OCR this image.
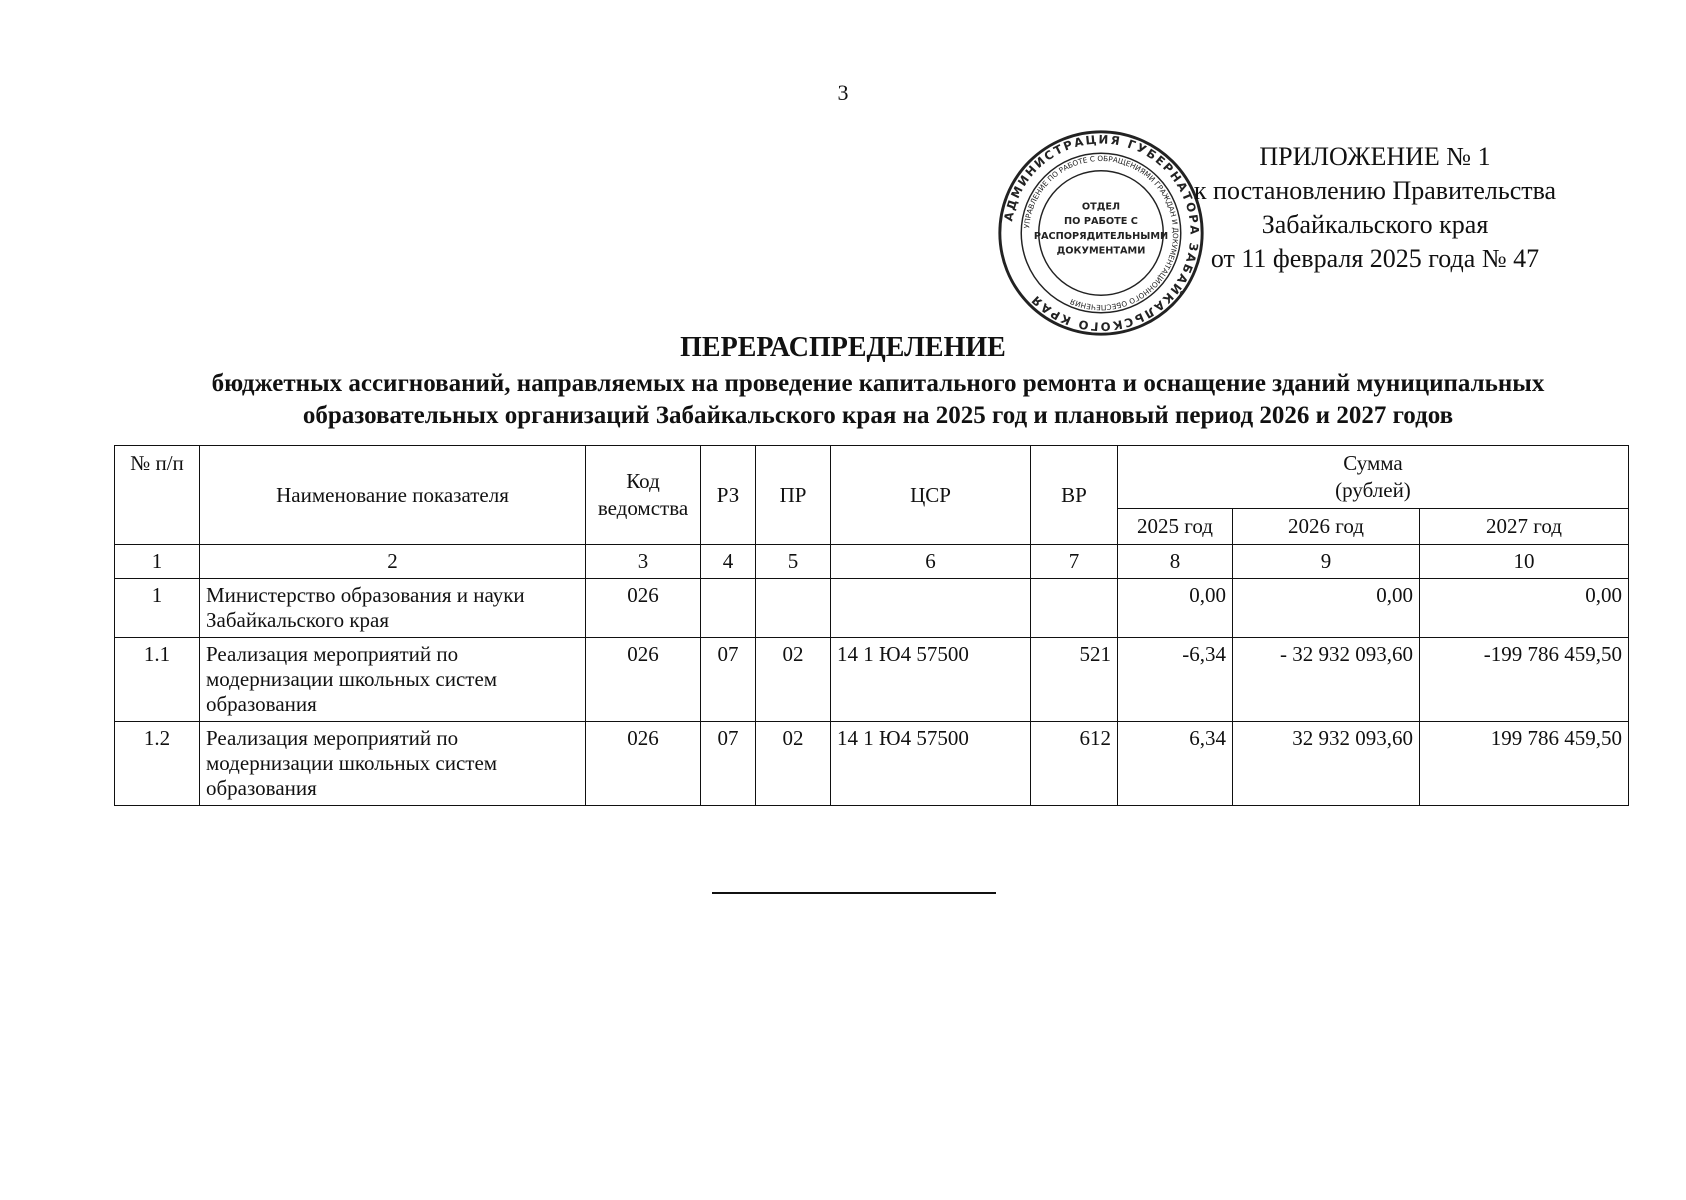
3
АДМИНИСТРАЦИЯ ГУБЕРНАТОРА ЗАБАЙКАЛЬСКОГО КРАЯ
УПРАВЛЕНИЕ ПО РАБОТЕ С ОБРАЩЕНИЯМИ ГРАЖДАН И ДОКУМЕНТАЦИОННОГО ОБЕСПЕЧЕНИЯ
ОТДЕЛ
ПО РАБОТЕ С
РАСПОРЯДИТЕЛЬНЫМИ
ДОКУМЕНТАМИ
ПРИЛОЖЕНИЕ № 1
к постановлению Правительства
Забайкальского края
от 11 февраля 2025 года № 47
ПЕРЕРАСПРЕДЕЛЕНИЕ
бюджетных ассигнований, направляемых на проведение капитального ремонта и оснащение зданий муниципальных
образовательных организаций Забайкальского края на 2025 год и плановый период 2026 и 2027 годов
№ п/п	Наименование показателя	Код ведомства	РЗ	ПР	ЦСР	ВР	Сумма
(рублей)		

							2025 год	2026 год	2027 год
1	2	3	4	5	6	7	8	9	10
1	Министерство образования и науки Забайкальского края	026					0,00	0,00	0,00
1.1	Реализация мероприятий по модернизации школьных систем образования	026	07	02	14 1 Ю4 57500	521	-6,34	- 32 932 093,60	-199 786 459,50
1.2	Реализация мероприятий по модернизации школьных систем образования	026	07	02	14 1 Ю4 57500	612	6,34	32 932 093,60	199 786 459,50
